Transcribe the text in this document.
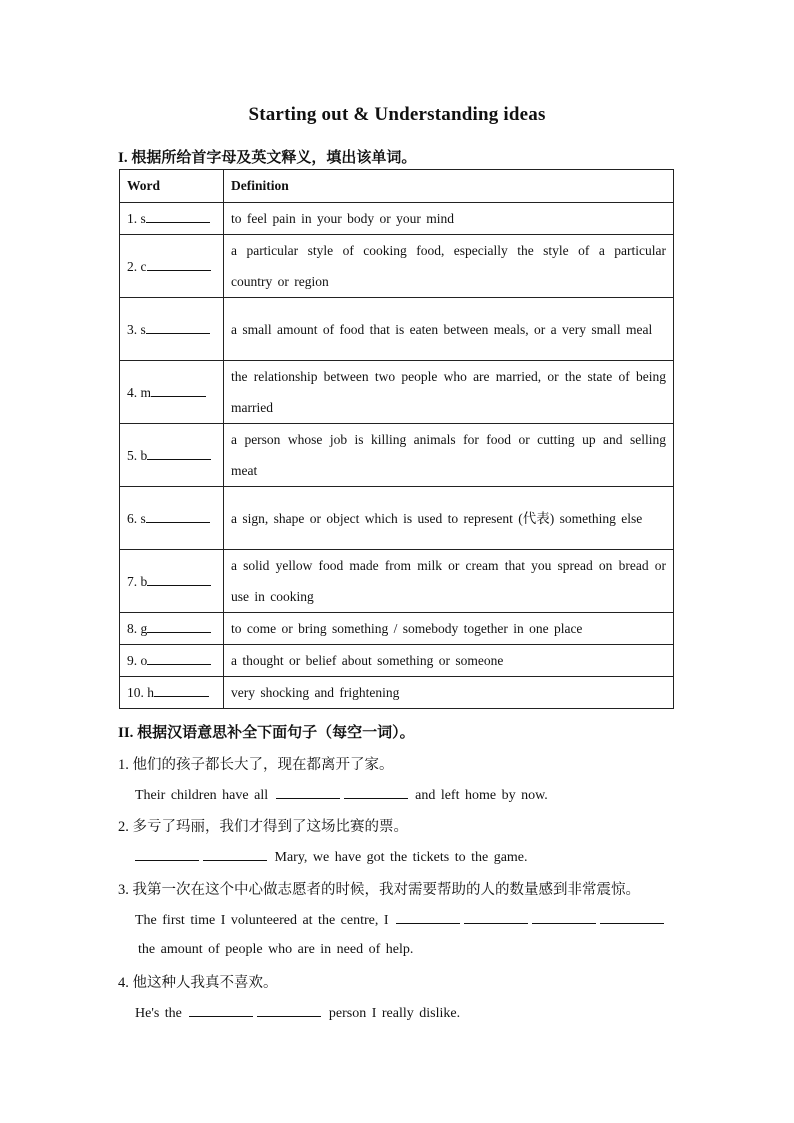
Starting out & Understanding ideas
I. 根据所给首字母及英文释义，填出该单词。
Word	Definition
1. s	to feel pain in your body or your mind
2. c	a particular style of cooking food, especially the style of a particular country or region
3. s	a small amount of food that is eaten between meals, or a very small meal
4. m	the relationship between two people who are married, or the state of being married
5. b	a person whose job is killing animals for food or cutting up and selling meat
6. s	a sign, shape or object which is used to represent (代表) something else
7. b	a solid yellow food made from milk or cream that you spread on bread or use in cooking
8. g	to come or bring something / somebody together in one place
9. o	a thought or belief about something or someone
10. h	very shocking and frightening
II. 根据汉语意思补全下面句子（每空一词）。
1. 他们的孩子都长大了，现在都离开了家。
Their children have all	and left home by now.
2. 多亏了玛丽，我们才得到了这场比赛的票。
Mary, we have got the tickets to the game.
3. 我第一次在这个中心做志愿者的时候，我对需要帮助的人的数量感到非常震惊。
The first time I volunteered at the centre, I
the amount of people who are in need of help.
4. 他这种人我真不喜欢。
He's the	person I really dislike.
